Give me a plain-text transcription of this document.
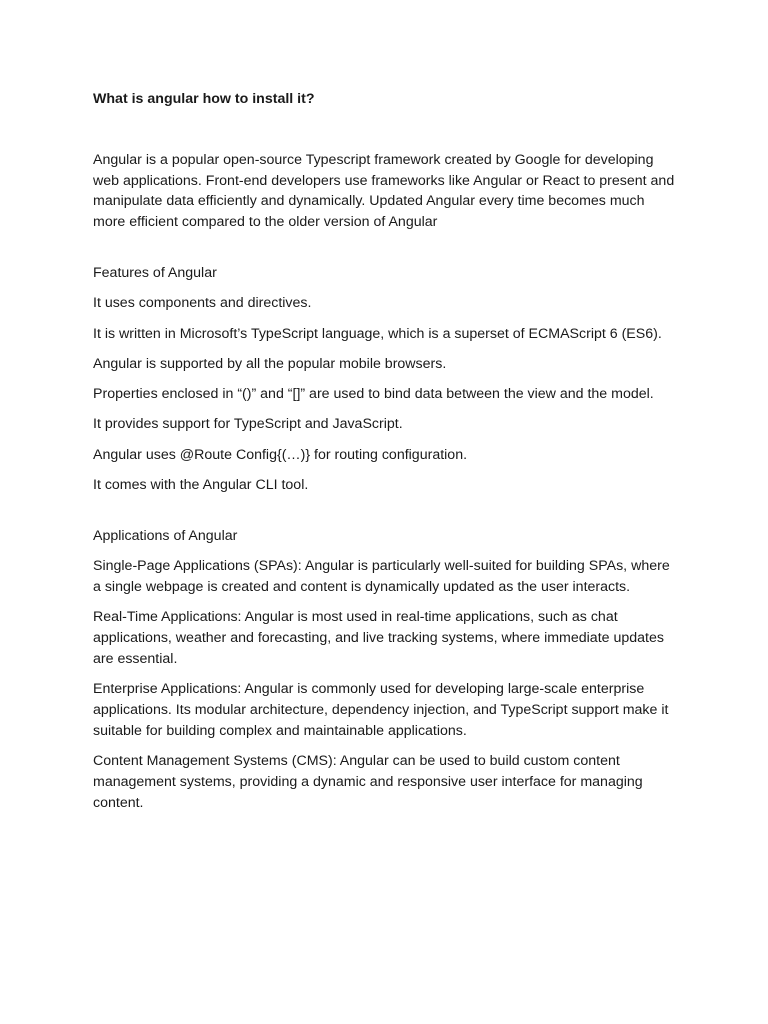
What is angular how to install it?

Angular is a popular open-source Typescript framework created by Google for developing web applications. Front-end developers use frameworks like Angular or React to present and manipulate data efficiently and dynamically. Updated Angular every time becomes much more efficient compared to the older version of Angular

Features of Angular

It uses components and directives.

It is written in Microsoft’s TypeScript language, which is a superset of ECMAScript 6 (ES6).

Angular is supported by all the popular mobile browsers.

Properties enclosed in “()” and “[]” are used to bind data between the view and the model.

It provides support for TypeScript and JavaScript.

Angular uses @Route Config{(…)} for routing configuration.

It comes with the Angular CLI tool.

Applications of Angular

Single-Page Applications (SPAs): Angular is particularly well-suited for building SPAs, where a single webpage is created and content is dynamically updated as the user interacts.

Real-Time Applications: Angular is most used in real-time applications, such as chat applications, weather and forecasting, and live tracking systems, where immediate updates are essential.

Enterprise Applications: Angular is commonly used for developing large-scale enterprise applications. Its modular architecture, dependency injection, and TypeScript support make it suitable for building complex and maintainable applications.

Content Management Systems (CMS): Angular can be used to build custom content management systems, providing a dynamic and responsive user interface for managing content.
